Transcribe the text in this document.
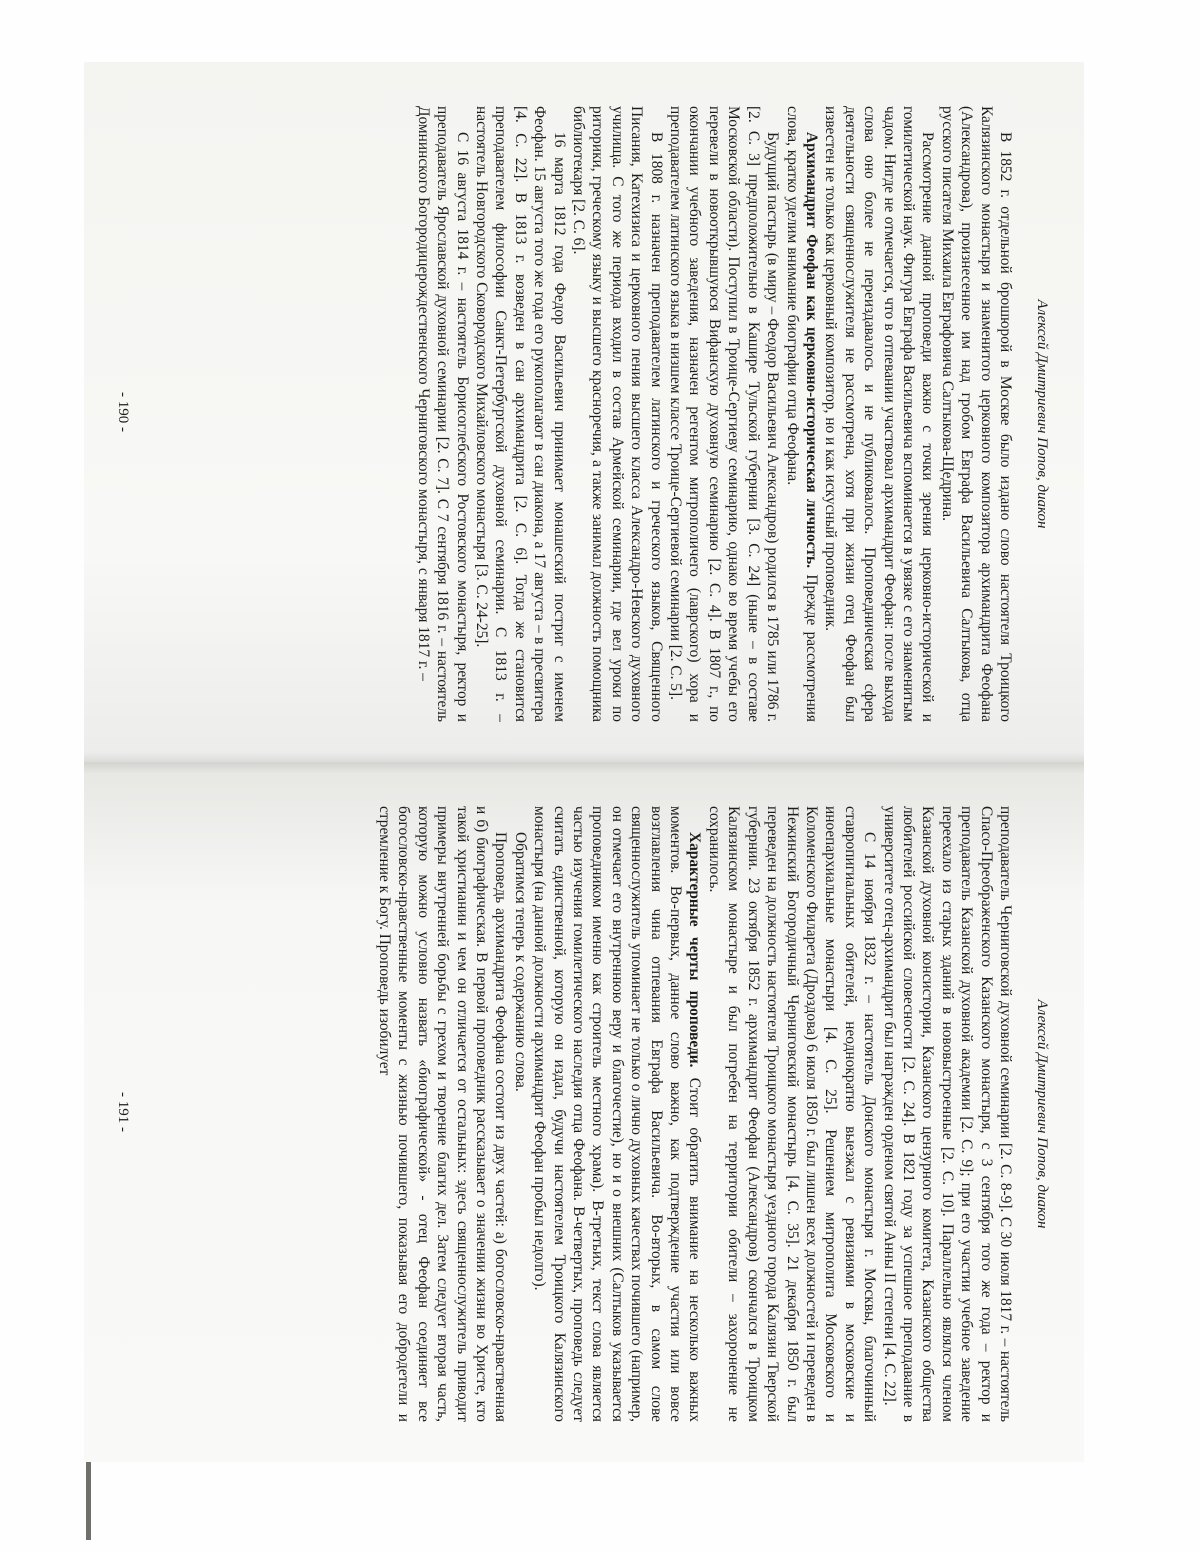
Алексей Дмитриевич Попов, диакон

В 1852 г. отдельной брошюрой в Москве было издано слово настоятеля Троицкого Калязинского монастыря и знаменитого церковного композитора архимандрита Феофана (Александрова), произнесенное им над гробом Евграфа Васильевича Салтыкова, отца русского писателя Михаила Евграфовича Салтыкова-Щедрина.

Рассмотрение данной проповеди важно с точки зрения церковно-исторической и гомилетической наук. Фигура Евграфа Васильевича вспоминается в увязке с его знаменитым чадом. Нигде не отмечается, что в отпевании участвовал архимандрит Феофан: после выхода слова оно более не переиздавалось и не публиковалось. Проповедническая сфера деятельности священнослужителя не рассмотрена, хотя при жизни отец Феофан был известен не только как церковный композитор, но и как искусный проповедник.

Архимандрит Феофан как церковно-историческая личность. Прежде рассмотрения слова, кратко уделим внимание биографии отца Феофана.

Будущий пастырь (в миру – Феодор Васильевич Александров) родился в 1785 или 1786 г. [2. С. 3] предположительно в Кашире Тульской губернии [3. С. 24] (ныне – в составе Московской области). Поступил в Троице-Сергиеву семинарию, однако во время учебы его перевели в новооткрывшуюся Вифанскую духовную семинарию [2. С. 4]. В 1807 г., по окончании учебного заведения, назначен регентом митрополичего (лаврского) хора и преподавателем латинского языка в низшем классе Троице-Сергиевой семинарии [2. С. 5].

В 1808 г. назначен преподавателем латинского и греческого языков, Священного Писания, Катехизиса и церковного пения высшего класса Александро-Невского духовного училища. С того же периода входил в состав Армейской семинарии, где вел уроки по риторики, греческому языку и высшего красноречия, а также занимал должность помощника библиотекаря [2. С. 6].

16 марта 1812 года Федор Васильевич принимает монашеский постриг с именем Феофан. 15 августа того же года его рукополагают в сан диакона, а 17 августа – в пресвитера [4. С. 22]. В 1813 г. возведен в сан архимандрита [2. С. 6]. Тогда же становится преподавателем философии Санкт-Петербургской духовной семинарии. С 1813 г. – настоятель Новгородского Сковородского Михайловского монастыря [3. С. 24-25].

С 16 августа 1814 г. – настоятель Борисоглебского Ростовского монастыря, ректор и преподаватель Ярославской духовной семинарии [2. С. 7]. С 7 сентября 1816 г. – настоятель Домнинского Богородицерождественского Черниговского монастыря, с января 1817 г. –

- 190 -
Алексей Дмитриевич Попов, диакон

преподаватель Черниговской духовной семинарии [2. С. 8-9]. С 30 июля 1817 г. – настоятель Спасо-Преображенского Казанского монастыря, с 3 сентября того же года – ректор и преподаватель Казанской духовной академии [2. С. 9]; при его участии учебное заведение переехало из старых зданий в нововыстроенные [2. С. 10]. Параллельно являлся членом Казанской духовной консистории, Казанского цензурного комитета, Казанского общества любителей российской словесности [2. С. 24]. В 1821 году за успешное преподавание в университете отец-архимандрит был награжден орденом святой Анны II степени [4. С. 22].

С 14 ноября 1832 г. – настоятель Донского монастыря г. Москвы, благочинный ставропигиальных обителей, неоднократно выезжал с ревизиями в московские и иноепархиальные монастыри [4. С. 25]. Решением митрополита Московского и Коломенского Филарета (Дроздова) 6 июля 1850 г. был лишен всех должностей и переведен в Нежинский Богородичный Черниговский монастырь [4. С. 35]. 21 декабря 1850 г. был переведен на должность настоятеля Троицкого монастыря уездного города Калязин Тверской губернии. 23 октября 1852 г. архимандрит Феофан (Александров) скончался в Троицком Калязинском монастыре и был погребен на территории обители – захоронение не сохранилось.

Характерные черты проповеди. Стоит обратить внимание на несколько важных моментов. Во-первых, данное слово важно, как подтверждение участия или вовсе возглавления чина отпевания Евграфа Васильевича. Во-вторых, в самом слове священнослужитель упоминает не только о лично духовных качествах почившего (например, он отмечает его внутреннюю веру и благочестие), но и о внешних (Салтыков указывается проповедником именно как строитель местного храма). В-третьих, текст слова является частью изучения гомилетического наследия отца Феофана. В-четвертых, проповедь следует считать единственной, которую он издал, будучи настоятелем Троицкого Калязинского монастыря (на данной должности архимандрит Феофан пробыл недолго).

Обратимся теперь к содержанию слова.

Проповедь архимандрита Феофана состоит из двух частей: а) богословско-нравственная и б) биографическая. В первой проповедник рассказывает о значении жизни во Христе, кто такой христианин и чем он отличается от остальных: здесь священнослужитель приводит примеры внутренней борьбы с грехом и творение благих дел. Затем следует вторая часть, которую можно условно назвать «биографической» - отец Феофан соединяет все богословско-нравственные моменты с жизнью почившего, показывая его добродетели и стремление к Богу. Проповедь изобилует

- 191 -
